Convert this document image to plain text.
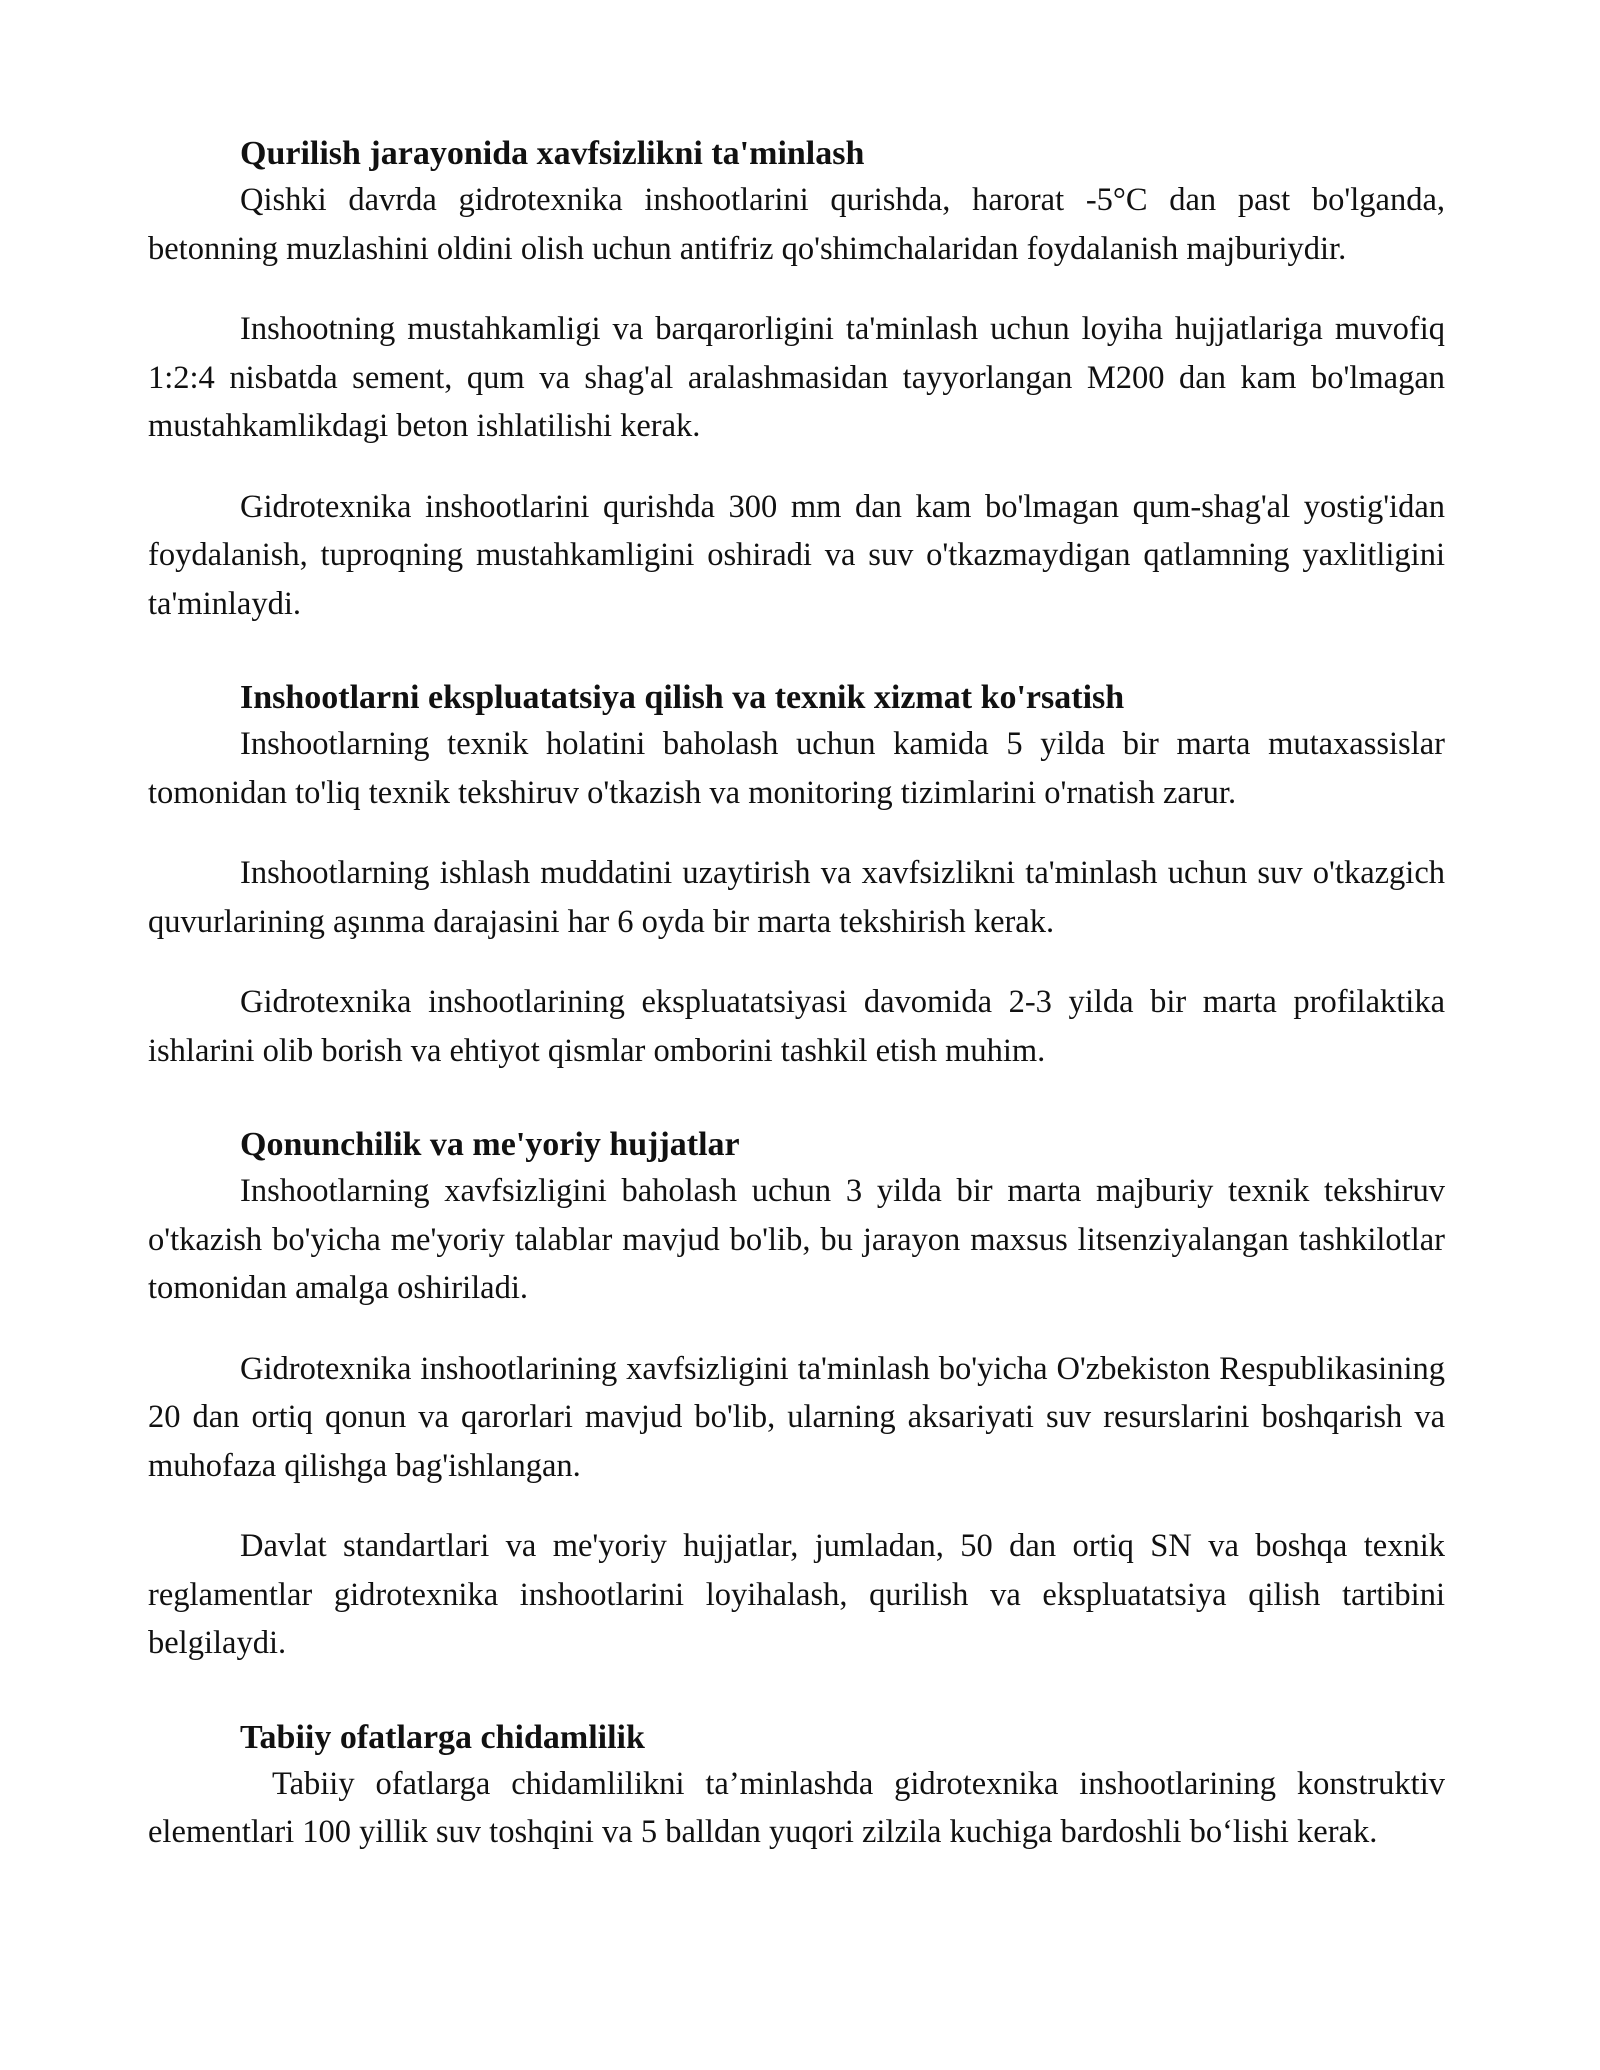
Qurilish jarayonida xavfsizlikni ta'minlash

Qishki davrda gidrotexnika inshootlarini qurishda, harorat -5°C dan past bo'lganda, betonning muzlashini oldini olish uchun antifriz qo'shimchalaridan foydalanish majburiydir.

Inshootning mustahkamligi va barqarorligini ta'minlash uchun loyiha hujjatlariga muvofiq 1:2:4 nisbatda sement, qum va shag'al aralashmasidan tayyorlangan M200 dan kam bo'lmagan mustahkamlikdagi beton ishlatilishi kerak.

Gidrotexnika inshootlarini qurishda 300 mm dan kam bo'lmagan qum-shag'al yostig'idan foydalanish, tuproqning mustahkamligini oshiradi va suv o'tkazmaydigan qatlamning yaxlitligini ta'minlaydi.

Inshootlarni ekspluatatsiya qilish va texnik xizmat ko'rsatish

Inshootlarning texnik holatini baholash uchun kamida 5 yilda bir marta mutaxassislar tomonidan to'liq texnik tekshiruv o'tkazish va monitoring tizimlarini o'rnatish zarur.

Inshootlarning ishlash muddatini uzaytirish va xavfsizlikni ta'minlash uchun suv o'tkazgich quvurlarining aşınma darajasini har 6 oyda bir marta tekshirish kerak.

Gidrotexnika inshootlarining ekspluatatsiyasi davomida 2-3 yilda bir marta profilaktika ishlarini olib borish va ehtiyot qismlar omborini tashkil etish muhim.

Qonunchilik va me'yoriy hujjatlar

Inshootlarning xavfsizligini baholash uchun 3 yilda bir marta majburiy texnik tekshiruv o'tkazish bo'yicha me'yoriy talablar mavjud bo'lib, bu jarayon maxsus litsenziyalangan tashkilotlar tomonidan amalga oshiriladi.

Gidrotexnika inshootlarining xavfsizligini ta'minlash bo'yicha O'zbekiston Respublikasining 20 dan ortiq qonun va qarorlari mavjud bo'lib, ularning aksariyati suv resurslarini boshqarish va muhofaza qilishga bag'ishlangan.

Davlat standartlari va me'yoriy hujjatlar, jumladan, 50 dan ortiq SN va boshqa texnik reglamentlar gidrotexnika inshootlarini loyihalash, qurilish va ekspluatatsiya qilish tartibini belgilaydi.

Tabiiy ofatlarga chidamlilik

Tabiiy ofatlarga chidamlilikni ta’minlashda gidrotexnika inshootlarining konstruktiv elementlari 100 yillik suv toshqini va 5 balldan yuqori zilzila kuchiga bardoshli bo‘lishi kerak.
